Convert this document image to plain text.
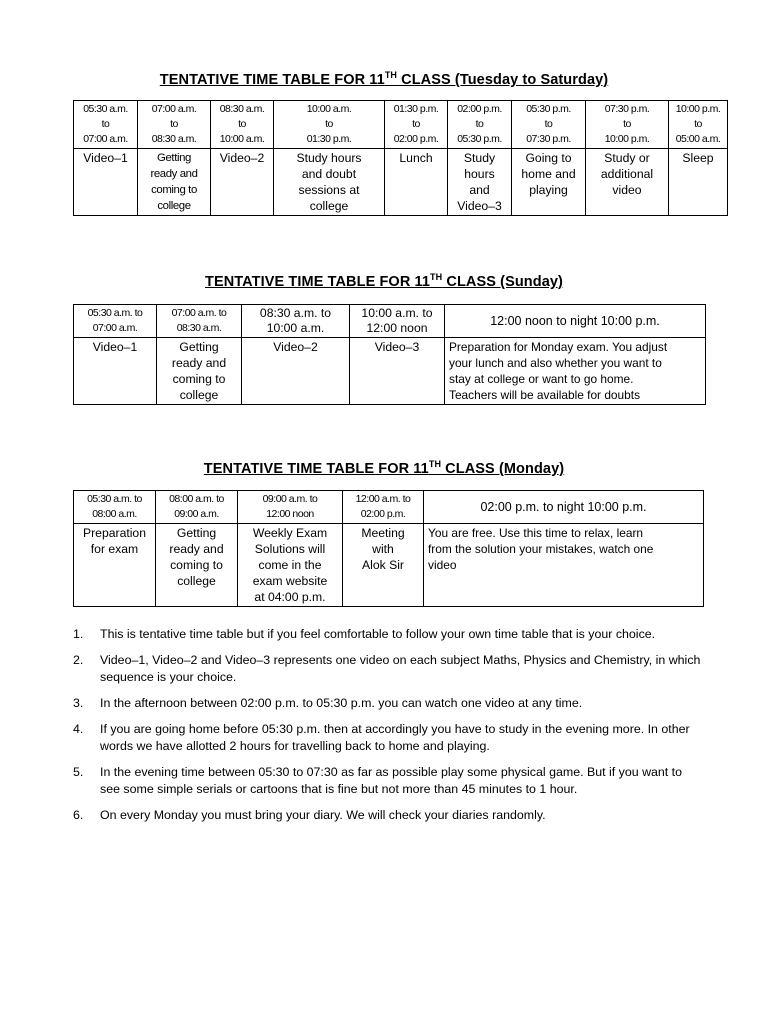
TENTATIVE TIME TABLE FOR 11TH CLASS (Tuesday to Saturday)
05:30 a.m.
to
07:00 a.m.	07:00 a.m.
to
08:30 a.m.	08:30 a.m.
to
10:00 a.m.	10:00 a.m.
to
01:30 p.m.	01:30 p.m.
to
02:00 p.m.	02:00 p.m.
to
05:30 p.m.	05:30 p.m.
to
07:30 p.m.	07:30 p.m.
to
10:00 p.m.	10:00 p.m.
to
05:00 a.m.
Video–1	Getting
ready and
coming to
college	Video–2	Study hours
and doubt
sessions at
college	Lunch	Study
hours
and
Video–3	Going to
home and
playing	Study or
additional
video	Sleep
TENTATIVE TIME TABLE FOR 11TH CLASS (Sunday)
05:30 a.m. to
07:00 a.m.	07:00 a.m. to
08:30 a.m.	08:30 a.m. to
10:00 a.m.	10:00 a.m. to
12:00 noon	12:00 noon to night 10:00 p.m.
Video–1	Getting
ready and
coming to
college	Video–2	Video–3	Preparation for Monday exam. You adjust
your lunch and also whether you want to
stay at college or want to go home.
Teachers will be available for doubts
TENTATIVE TIME TABLE FOR 11TH CLASS (Monday)
05:30 a.m. to
08:00 a.m.	08:00 a.m. to
09:00 a.m.	09:00 a.m. to
12:00 noon	12:00 a.m. to
02:00 p.m.	02:00 p.m. to night 10:00 p.m.
Preparation
for exam	Getting
ready and
coming to
college	Weekly Exam
Solutions will
come in the
exam website
at 04:00 p.m.	Meeting
with
Alok Sir	You are free. Use this time to relax, learn
from the solution your mistakes, watch one
video
1. This is tentative time table but if you feel comfortable to follow your own time table that is your choice.
2. Video–1, Video–2 and Video–3 represents one video on each subject Maths, Physics and Chemistry, in which sequence is your choice.
3. In the afternoon between 02:00 p.m. to 05:30 p.m. you can watch one video at any time.
4. If you are going home before 05:30 p.m. then at accordingly you have to study in the evening more. In other words we have allotted 2 hours for travelling back to home and playing.
5. In the evening time between 05:30 to 07:30 as far as possible play some physical game. But if you want to see some simple serials or cartoons that is fine but not more than 45 minutes to 1 hour.
6. On every Monday you must bring your diary. We will check your diaries randomly.
